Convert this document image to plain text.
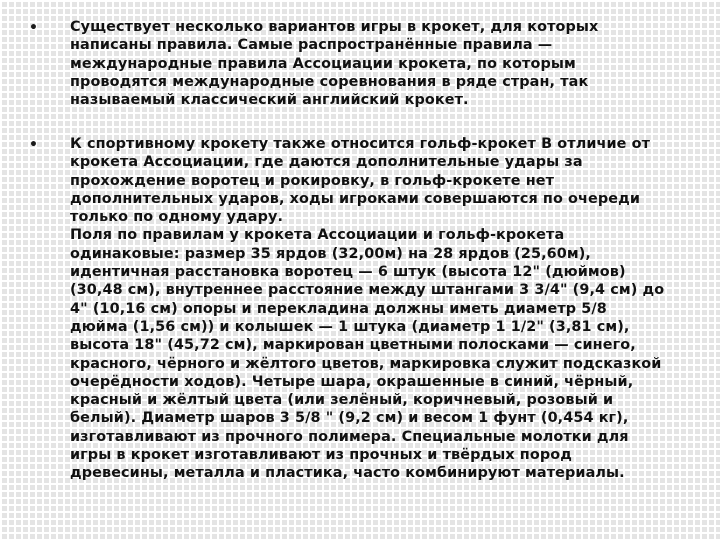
• Существует несколько вариантов игры в крокет, для которых
написаны правила. Самые распространённые правила —
международные правила Ассоциации крокета, по которым
проводятся международные соревнования в ряде стран, так
называемый классический английский крокет.
• К спортивному крокету также относится гольф-крокет В отличие от
крокета Ассоциации, где даются дополнительные удары за
прохождение воротец и рокировку, в гольф-крокете нет
дополнительных ударов, ходы игроками совершаются по очереди
только по одному удару.
Поля по правилам у крокета Ассоциации и гольф-крокета
одинаковые: размер 35 ярдов (32,00м) на 28 ярдов (25,60м),
идентичная расстановка воротец — 6 штук (высота 12" (дюймов)
(30,48 см), внутреннее расстояние между штангами 3 3/4" (9,4 см) до
4" (10,16 см) опоры и перекладина должны иметь диаметр 5/8
дюйма (1,56 см)) и колышек — 1 штука (диаметр 1 1/2" (3,81 см),
высота 18" (45,72 см), маркирован цветными полосками — синего,
красного, чёрного и жёлтого цветов, маркировка служит подсказкой
очерёдности ходов). Четыре шара, окрашенные в синий, чёрный,
красный и жёлтый цвета (или зелёный, коричневый, розовый и
белый). Диаметр шаров 3 5/8 " (9,2 см) и весом 1 фунт (0,454 кг),
изготавливают из прочного полимера. Специальные молотки для
игры в крокет изготавливают из прочных и твёрдых пород
древесины, металла и пластика, часто комбинируют материалы.
